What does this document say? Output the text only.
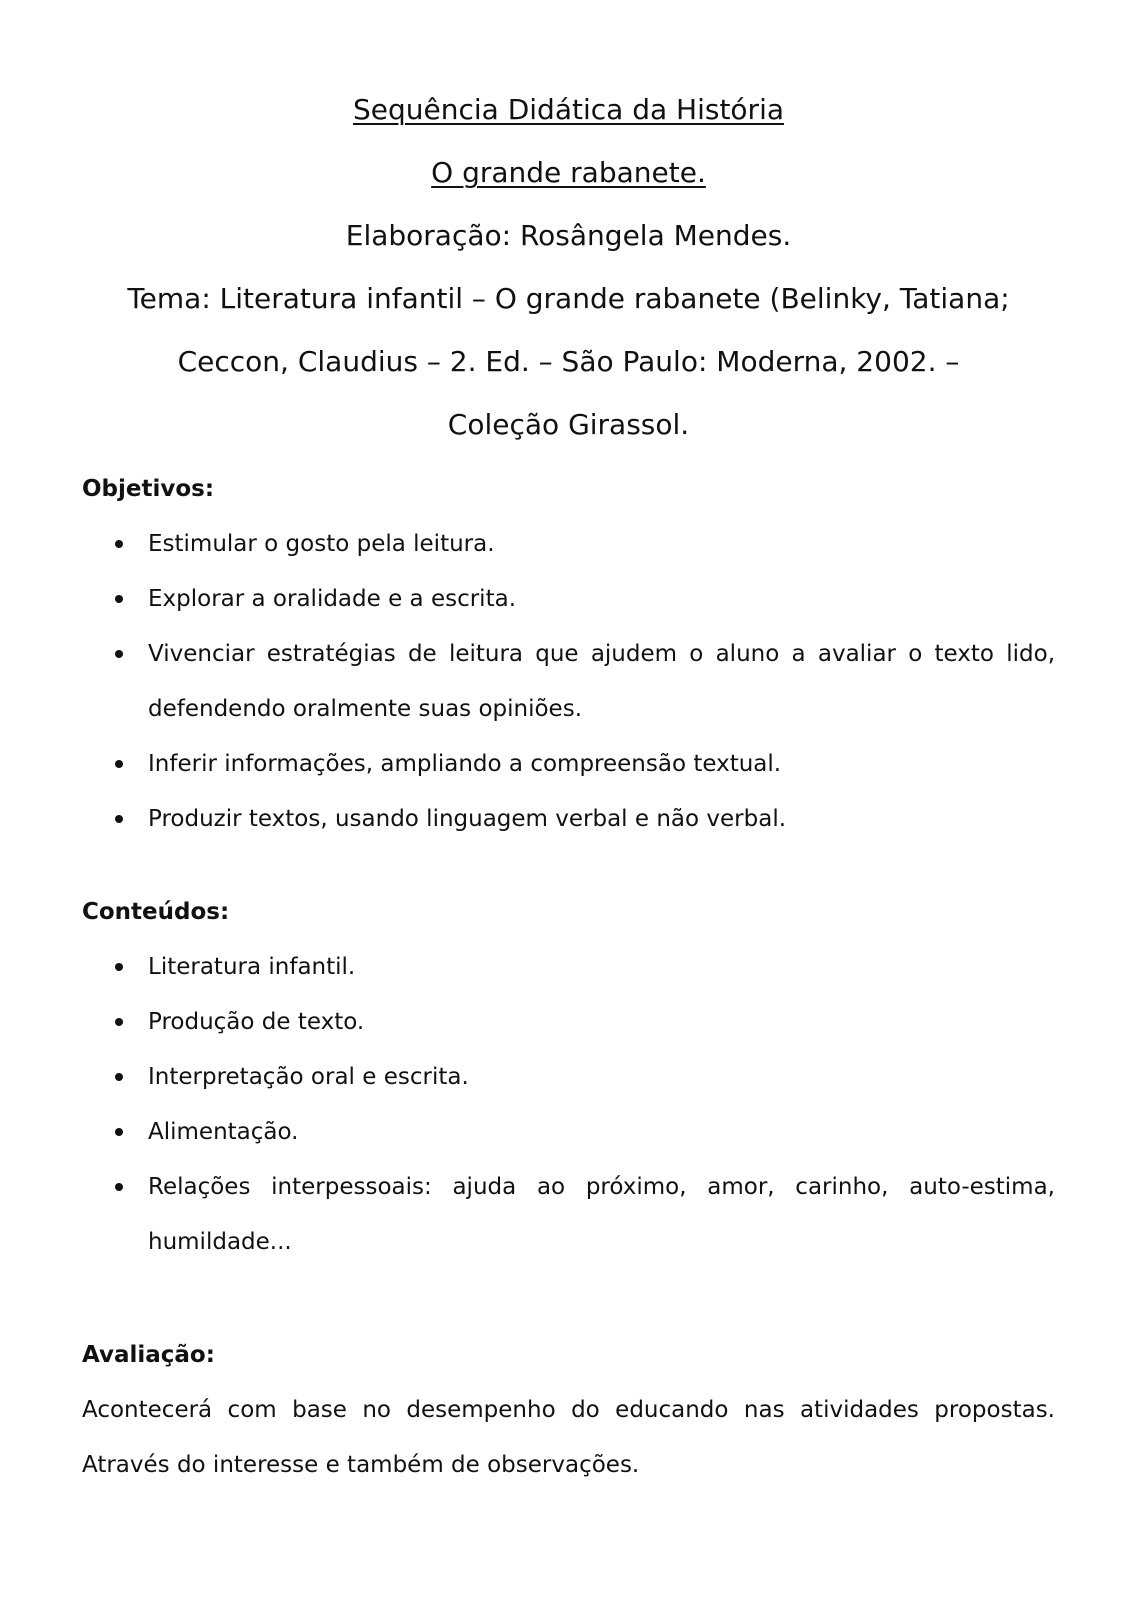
Sequência Didática da História
O grande rabanete.
Elaboração: Rosângela Mendes.
Tema: Literatura infantil – O grande rabanete (Belinky, Tatiana; Ceccon, Claudius – 2. Ed. – São Paulo: Moderna, 2002. – Coleção Girassol.

Objetivos:

Estimular o gosto pela leitura.
Explorar a oralidade e a escrita.
Vivenciar estratégias de leitura que ajudem o aluno a avaliar o texto lido, defendendo oralmente suas opiniões.
Inferir informações, ampliando a compreensão textual.
Produzir textos, usando linguagem verbal e não verbal.

Conteúdos:

Literatura infantil.
Produção de texto.
Interpretação oral e escrita.
Alimentação.
Relações interpessoais: ajuda ao próximo, amor, carinho, auto-estima, humildade...

Avaliação:

Acontecerá com base no desempenho do educando nas atividades propostas. Através do interesse e também de observações.
